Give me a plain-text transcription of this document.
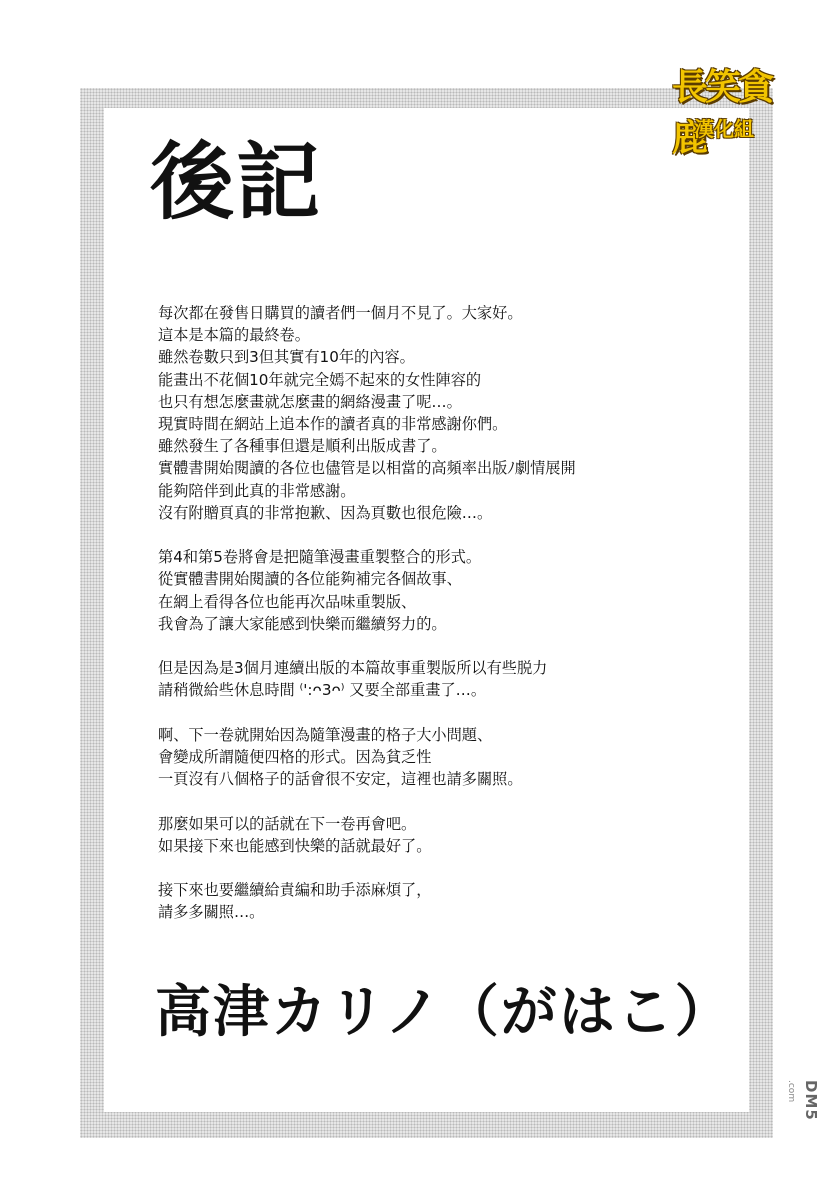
長笑貪鹿
漢化組
後記

每次都在發售日購買的讀者們一個月不見了。大家好。
這本是本篇的最終卷。
雖然卷數只到3但其實有10年的內容。
能畫出不花個10年就完全嫣不起來的女性陣容的
也只有想怎麼畫就怎麼畫的網絡漫畫了呢…。
現實時間在網站上追本作的讀者真的非常感謝你們。
雖然發生了各種事但還是順利出版成書了。
實體書開始閱讀的各位也儘管是以相當的高頻率出版ﾉ劇情展開
能夠陪伴到此真的非常感謝。
沒有附贈頁真的非常抱歉、因為頁數也很危險…。

第4和第5卷將會是把隨筆漫畫重製整合的形式。
從實體書開始閱讀的各位能夠補完各個故事、
在網上看得各位也能再次品味重製版、
我會為了讓大家能感到快樂而繼續努力的。

但是因為是3個月連續出版的本篇故事重製版所以有些脱力
請稍微給些休息時間 ⁽':ᴖ3ᴖ⁾ 又要全部重畫了…。

啊、下一卷就開始因為隨筆漫畫的格子大小問題、
會變成所謂隨便四格的形式。因為貧乏性
一頁沒有八個格子的話會很不安定，這裡也請多關照。

那麼如果可以的話就在下一卷再會吧。
如果接下來也能感到快樂的話就最好了。

接下來也要繼續給責編和助手添麻煩了，
請多多關照…。

高津カリノ（がはこ）
.com DM5
